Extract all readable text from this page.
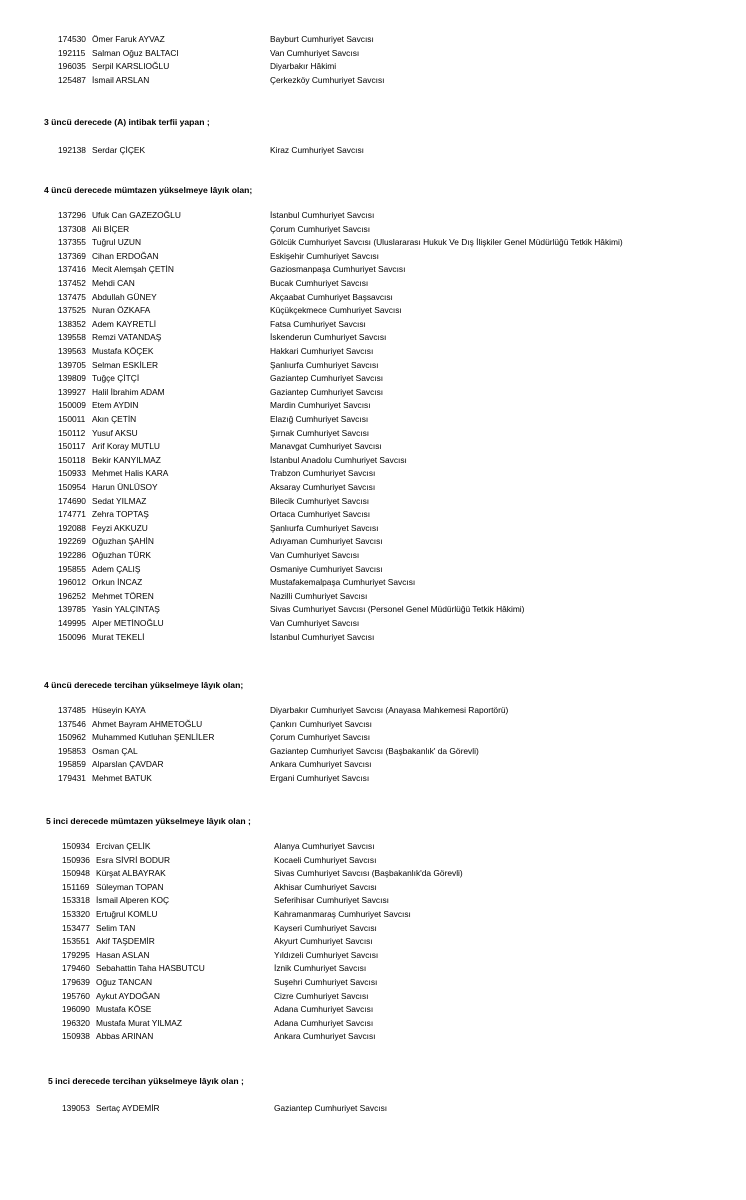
174530 Ömer Faruk AYVAZ	Bayburt Cumhuriyet Savcısı
192115 Salman Oğuz BALTACI	Van Cumhuriyet Savcısı
196035 Serpil KARSLIOĞLU	Diyarbakır Hâkimi
125487 İsmail ARSLAN	Çerkezköy Cumhuriyet Savcısı
3 üncü derecede (A) intibak terfii yapan ;
192138 Serdar ÇİÇEK	Kiraz Cumhuriyet Savcısı
4 üncü derecede mümtazen yükselmeye lâyık olan;
137296 Ufuk Can GAZEZOĞLU	İstanbul Cumhuriyet Savcısı
137308 Ali BİÇER	Çorum Cumhuriyet Savcısı
137355 Tuğrul UZUN	Gölcük Cumhuriyet Savcısı (Uluslararası Hukuk Ve Dış İlişkiler Genel Müdürlüğü Tetkik Hâkimi)
137369 Cihan ERDOĞAN	Eskişehir Cumhuriyet Savcısı
137416 Mecit Alemşah ÇETİN	Gaziosmanpaşa Cumhuriyet Savcısı
137452 Mehdi CAN	Bucak Cumhuriyet Savcısı
137475 Abdullah GÜNEY	Akçaabat Cumhuriyet Başsavcısı
137525 Nuran ÖZKAFA	Küçükçekmece Cumhuriyet Savcısı
138352 Adem KAYRETLİ	Fatsa Cumhuriyet Savcısı
139558 Remzi VATANDAŞ	İskenderun Cumhuriyet Savcısı
139563 Mustafa KÖÇEK	Hakkari Cumhuriyet Savcısı
139705 Selman ESKİLER	Şanlıurfa Cumhuriyet Savcısı
139809 Tuğçe ÇİTÇİ	Gaziantep Cumhuriyet Savcısı
139927 Halil İbrahim ADAM	Gaziantep Cumhuriyet Savcısı
150009 Etem AYDIN	Mardin Cumhuriyet Savcısı
150011 Akın ÇETİN	Elazığ Cumhuriyet Savcısı
150112 Yusuf AKSU	Şırnak Cumhuriyet Savcısı
150117 Arif Koray MUTLU	Manavgat Cumhuriyet Savcısı
150118 Bekir KANYILMAZ	İstanbul Anadolu Cumhuriyet Savcısı
150933 Mehmet Halis KARA	Trabzon Cumhuriyet Savcısı
150954 Harun ÜNLÜSOY	Aksaray Cumhuriyet Savcısı
174690 Sedat YILMAZ	Bilecik Cumhuriyet Savcısı
174771 Zehra TOPTAŞ	Ortaca Cumhuriyet Savcısı
192088 Feyzi AKKUZU	Şanlıurfa Cumhuriyet Savcısı
192269 Oğuzhan ŞAHİN	Adıyaman Cumhuriyet Savcısı
192286 Oğuzhan TÜRK	Van Cumhuriyet Savcısı
195855 Adem ÇALIŞ	Osmaniye Cumhuriyet Savcısı
196012 Orkun İNCAZ	Mustafakemalpaşa Cumhuriyet Savcısı
196252 Mehmet TÖREN	Nazilli Cumhuriyet Savcısı
139785 Yasin YALÇINTAŞ	Sivas Cumhuriyet Savcısı (Personel Genel Müdürlüğü Tetkik Hâkimi)
149995 Alper METİNOĞLU	Van Cumhuriyet Savcısı
150096 Murat TEKELİ	İstanbul Cumhuriyet Savcısı
4 üncü derecede tercihan yükselmeye lâyık olan;
137485 Hüseyin KAYA	Diyarbakır Cumhuriyet Savcısı (Anayasa Mahkemesi Raportörü)
137546 Ahmet Bayram AHMETOĞLU	Çankırı Cumhuriyet Savcısı
150962 Muhammed Kutluhan ŞENLİLER	Çorum Cumhuriyet Savcısı
195853 Osman ÇAL	Gaziantep Cumhuriyet Savcısı (Başbakanlık' da Görevli)
195859 Alparslan ÇAVDAR	Ankara Cumhuriyet Savcısı
179431 Mehmet BATUK	Ergani Cumhuriyet Savcısı
5 inci derecede mümtazen yükselmeye lâyık olan ;
150934 Ercivan ÇELİK	Alanya Cumhuriyet Savcısı
150936 Esra SİVRİ BODUR	Kocaeli Cumhuriyet Savcısı
150948 Kürşat ALBAYRAK	Sivas Cumhuriyet Savcısı (Başbakanlık'da Görevli)
151169 Süleyman TOPAN	Akhisar Cumhuriyet Savcısı
153318 İsmail Alperen KOÇ	Seferihisar Cumhuriyet Savcısı
153320 Ertuğrul KOMLU	Kahramanmaraş Cumhuriyet Savcısı
153477 Selim TAN	Kayseri Cumhuriyet Savcısı
153551 Akif TAŞDEMİR	Akyurt Cumhuriyet Savcısı
179295 Hasan ASLAN	Yıldızeli Cumhuriyet Savcısı
179460 Sebahattin Taha HASBUTCU	İznik Cumhuriyet Savcısı
179639 Oğuz TANCAN	Suşehri Cumhuriyet Savcısı
195760 Aykut AYDOĞAN	Cizre Cumhuriyet Savcısı
196090 Mustafa KÖSE	Adana Cumhuriyet Savcısı
196320 Mustafa Murat YILMAZ	Adana Cumhuriyet Savcısı
150938 Abbas ARINAN	Ankara Cumhuriyet Savcısı
5 inci derecede tercihan yükselmeye lâyık olan ;
139053 Sertaç AYDEMİR	Gaziantep Cumhuriyet Savcısı
